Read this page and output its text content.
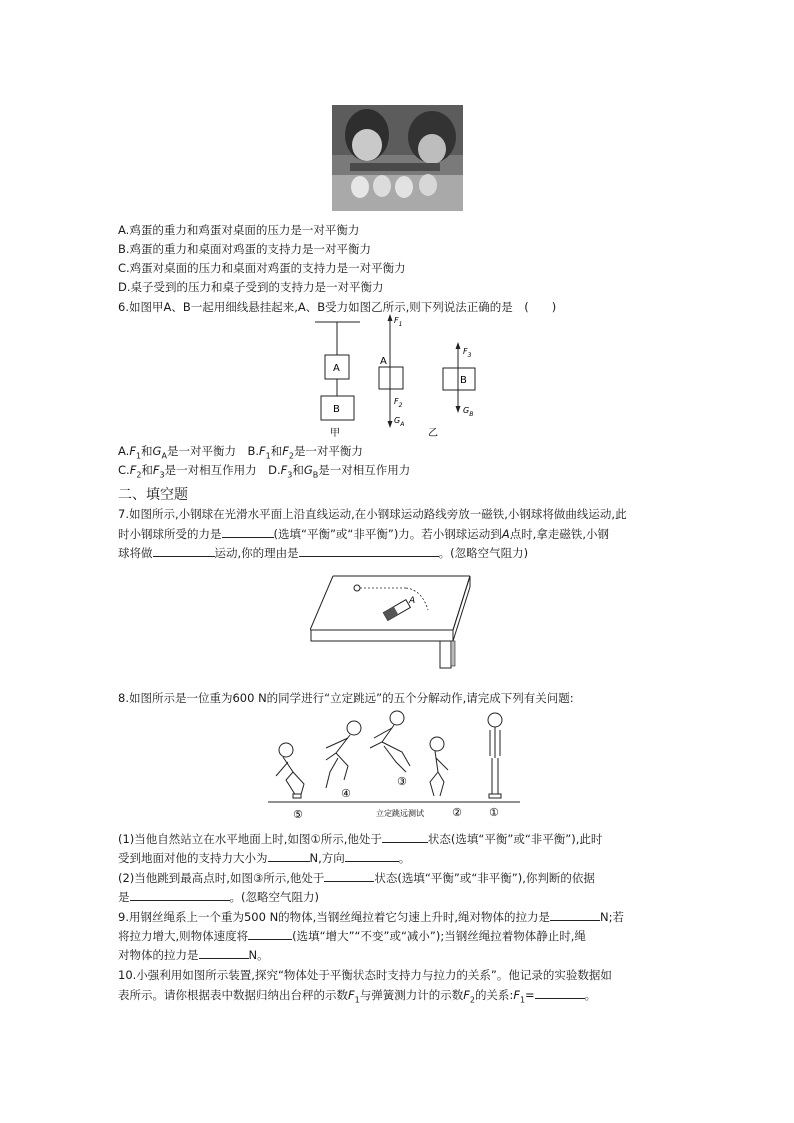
A.鸡蛋的重力和鸡蛋对桌面的压力是一对平衡力
B.鸡蛋的重力和桌面对鸡蛋的支持力是一对平衡力
C.鸡蛋对桌面的压力和桌面对鸡蛋的支持力是一对平衡力
D.桌子受到的压力和桌子受到的支持力是一对平衡力
6.如图甲A、B一起用细线悬挂起来,A、B受力如图乙所示,则下列说法正确的是　(　　)
A
B
甲
A
$F_1$
$F_2$
$G_A$
B
$F_3$
$G_B$
乙
$A.F_1$和$G_A$是一对平衡力　$B.F_1$和$F_2$是一对平衡力
$C.F_2$和$F_3$是一对相互作用力　$D.F_3$和$G_B$是一对相互作用力
二、填空题
7.如图所示,小钢球在光滑水平面上沿直线运动,在小钢球运动路线旁放一磁铁,小钢球将做曲线运动,此
时小钢球所受的力是	(选填“平衡”或“非平衡”)力。若小钢球运动到A点时,拿走磁铁,小钢
球将做	运动,你的理由是	。(忽略空气阻力)
A
8.如图所示是一位重为600 N的同学进行“立定跳远”的五个分解动作,请完成下列有关问题:
⑤
④
③
② ①
立定跳远测试
(1)当他自然站立在水平地面上时,如图①所示,他处于	状态(选填“平衡”或“非平衡”),此时
受到地面对他的支持力大小为	N,方向	。
(2)当他跳到最高点时,如图③所示,他处于	状态(选填“平衡”或“非平衡”),你判断的依据
是	。(忽略空气阻力)
9.用钢丝绳系上一个重为500 N的物体,当钢丝绳拉着它匀速上升时,绳对物体的拉力是	N;若
将拉力增大,则物体速度将	(选填“增大”“不变”或“减小”);当钢丝绳拉着物体静止时,绳
对物体的拉力是	N。
10.小强利用如图所示装置,探究“物体处于平衡状态时支持力与拉力的关系”。他记录的实验数据如
表所示。请你根据表中数据归纳出台秤的示数$F_1$与弹簧测力计的示数$F_2$的关系$:F_1=$	。
